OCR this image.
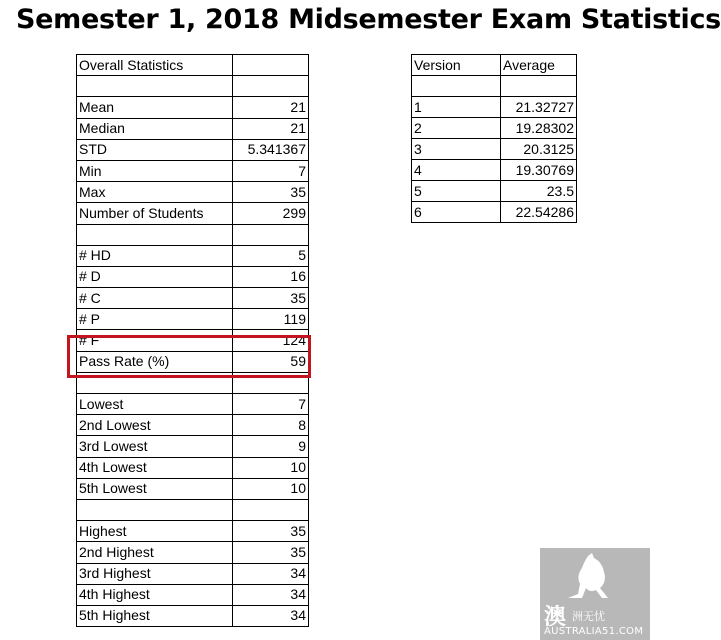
Semester 1, 2018 Midsemester Exam Statistics
Overall Statistics	

Mean	21
Median	21
STD	5.341367
Min	7
Max	35
Number of Students	299

# HD	5
# D	16
# C	35
# P	119
# F	124
Pass Rate (%)	59

Lowest	7
2nd Lowest	8
3rd Lowest	9
4th Lowest	10
5th Lowest	10

Highest	35
2nd Highest	35
3rd Highest	34
4th Highest	34
5th Highest	34
Version	Average

1	21.32727
2	19.28302
3	20.3125
4	19.30769
5	23.5
6	22.54286
澳 洲无忧
AUSTRALIA51.COM
